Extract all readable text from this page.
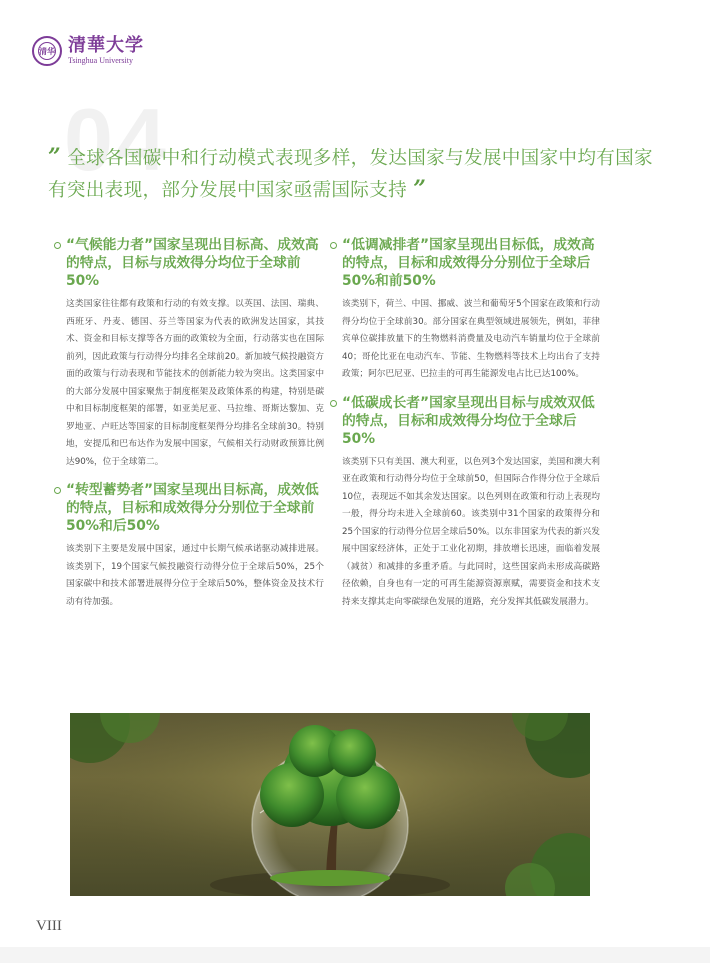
清华 清華大学
Tsinghua University
04
” 全球各国碳中和行动模式表现多样，发达国家与发展中国家中均有国家有突出表现，部分发展中国家亟需国际支持 ”
“气候能力者”国家呈现出目标高、成效高的特点，目标与成效得分均位于全球前50%

这类国家往往都有政策和行动的有效支撑。以英国、法国、瑞典、西班牙、丹麦、德国、芬兰等国家为代表的欧洲发达国家，其技术、资金和目标支撑等各方面的政策较为全面，行动落实也在国际前列，因此政策与行动得分均排名全球前20。新加坡气候投融资方面的政策与行动表现和节能技术的创新能力较为突出。这类国家中的大部分发展中国家聚焦于制度框架及政策体系的构建，特别是碳中和目标制度框架的部署，如亚美尼亚、马拉维、哥斯达黎加、克罗地亚、卢旺达等国家的目标制度框架得分均排名全球前30。特别地，安提瓜和巴布达作为发展中国家，气候相关行动财政预算比例达90%，位于全球第二。

“转型蓄势者”国家呈现出目标高，成效低的特点，目标和成效得分分别位于全球前50%和后50%

该类别下主要是发展中国家，通过中长期气候承诺驱动减排进展。该类别下，19个国家气候投融资行动得分位于全球后50%，25个国家碳中和技术部署进展得分位于全球后50%，整体资金及技术行动有待加强。

“低调减排者”国家呈现出目标低，成效高的特点，目标和成效得分分别位于全球后50%和前50%

该类别下，荷兰、中国、挪威、波兰和葡萄牙5个国家在政策和行动得分均位于全球前30。部分国家在典型领域进展领先，例如，菲律宾单位碳排放量下的生物燃料消费量及电动汽车销量均位于全球前40；哥伦比亚在电动汽车、节能、生物燃料等技术上均出台了支持政策；阿尔巴尼亚、巴拉圭的可再生能源发电占比已达100%。

“低碳成长者”国家呈现出目标与成效双低的特点，目标和成效得分均位于全球后50%

该类别下只有美国、澳大利亚，以色列3个发达国家，美国和澳大利亚在政策和行动得分均位于全球前50，但国际合作得分位于全球后10位，表现远不如其余发达国家。以色列则在政策和行动上表现均一般，得分均未进入全球前60。该类别中31个国家的政策得分和25个国家的行动得分位居全球后50%。以东非国家为代表的新兴发展中国家经济体，正处于工业化初期，排放增长迅速，面临着发展（减贫）和减排的多重矛盾。与此同时，这些国家尚未形成高碳路径依赖，自身也有一定的可再生能源资源禀赋，需要资金和技术支持来支撑其走向零碳绿色发展的道路，充分发挥其低碳发展潜力。

VIII
